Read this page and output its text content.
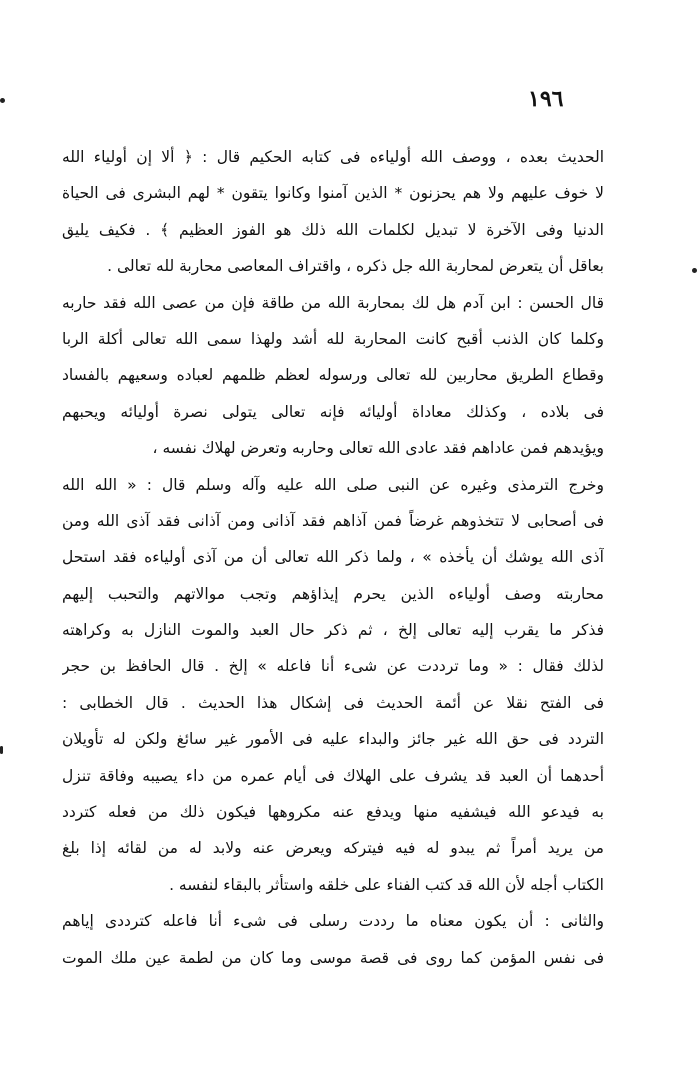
١٩٦
الحديث بعده ، ووصف الله أولياءه فى كتابه الحكيم قال : ﴿ ألا إن أولياء الله
لا خوف عليهم ولا هم يحزنون * الذين آمنوا وكانوا يتقون * لهم البشرى فى الحياة
الدنيا وفى الآخرة لا تبديل لكلمات الله ذلك هو الفوز العظيم ﴾ . فكيف يليق
بعاقل أن يتعرض لمحاربة الله جل ذكره ، واقتراف المعاصى محاربة لله تعالى .
قال الحسن : ابن آدم هل لك بمحاربة الله من طاقة فإن من عصى الله فقد حاربه
وكلما كان الذنب أقبح كانت المحاربة لله أشد ولهذا سمى الله تعالى أكلة الربا
وقطاع الطريق محاربين لله تعالى ورسوله لعظم ظلمهم لعباده وسعيهم بالفساد
فى بلاده ، وكذلك معاداة أوليائه فإنه تعالى يتولى نصرة أوليائه ويحبهم
ويؤيدهم فمن عاداهم فقد عادى الله تعالى وحاربه وتعرض لهلاك نفسه ،
وخرج الترمذى وغيره عن النبى صلى الله عليه وآله وسلم قال : « الله الله
فى أصحابى لا تتخذوهم غرضاً فمن آذاهم فقد آذانى ومن آذانى فقد آذى الله ومن
آذى الله يوشك أن يأخذه » ، ولما ذكر الله تعالى أن من آذى أولياءه فقد استحل
محاربته وصف أولياءه الذين يحرم إيذاؤهم وتجب موالاتهم والتحبب إليهم
فذكر ما يقرب إليه تعالى إلخ ، ثم ذكر حال العبد والموت النازل به وكراهته
لذلك فقال : « وما ترددت عن شىء أنا فاعله » إلخ . قال الحافظ بن حجر
فى الفتح نقلا عن أئمة الحديث فى إشكال هذا الحديث . قال الخطابى :
التردد فى حق الله غير جائز والبداء عليه فى الأمور غير سائغ ولكن له تأويلان
أحدهما أن العبد قد يشرف على الهلاك فى أيام عمره من داء يصيبه وفاقة تنزل
به فيدعو الله فيشفيه منها ويدفع عنه مكروهها فيكون ذلك من فعله كتردد
من يريد أمراً ثم يبدو له فيه فيتركه ويعرض عنه ولابد له من لقائه إذا بلغ
الكتاب أجله لأن الله قد كتب الفناء على خلقه واستأثر بالبقاء لنفسه .
والثانى : أن يكون معناه ما رددت رسلى فى شىء أنا فاعله كترددى إياهم
فى نفس المؤمن كما روى فى قصة موسى وما كان من لطمة عين ملك الموت
